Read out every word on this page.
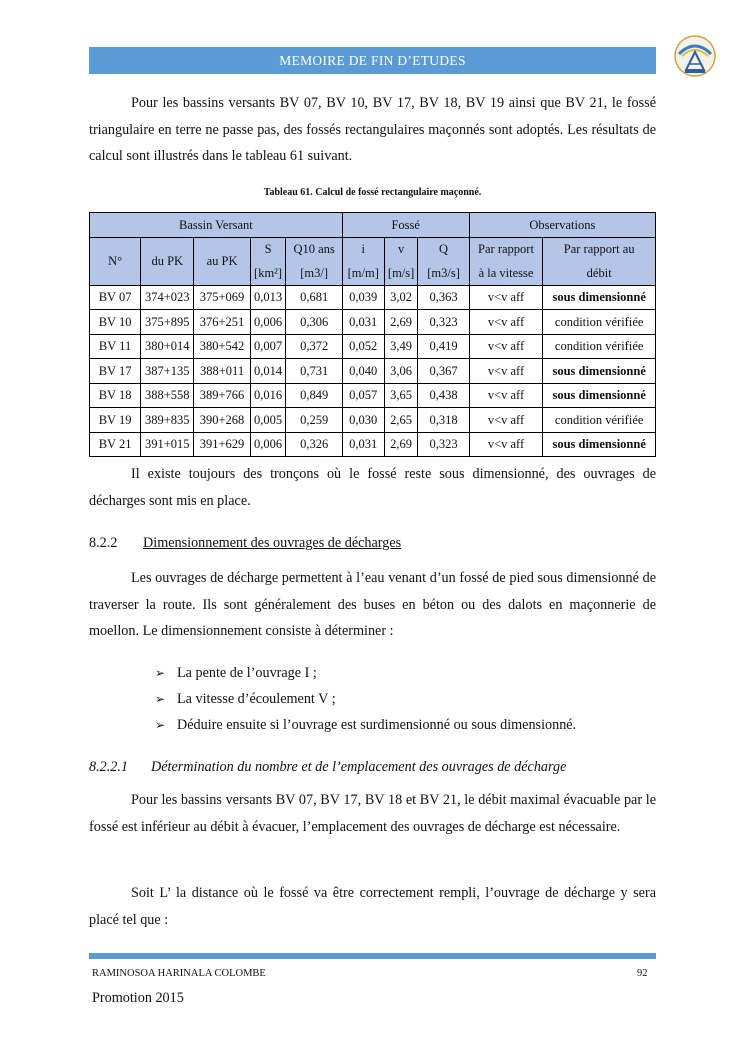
MEMOIRE DE FIN D’ETUDES

Pour les bassins versants BV 07, BV 10, BV 17, BV 18, BV 19 ainsi que BV 21, le fossé triangulaire en terre ne passe pas, des fossés rectangulaires maçonnés sont adoptés. Les résultats de calcul sont illustrés dans le tableau 61 suivant.

Tableau 61. Calcul de fossé rectangulaire maçonné.
Bassin Versant					Fossé			Observations	
N°	du PK	au PK	S	Q10 ans	i	v	Q	Par rapport	Par rapport au
			[km²]	[m3/]	[m/m]	[m/s]	[m3/s]	à la vitesse	débit
BV 07	374+023	375+069	0,013	0,681	0,039	3,02	0,363	v<v aff	sous dimensionné
BV 10	375+895	376+251	0,006	0,306	0,031	2,69	0,323	v<v aff	condition vérifiée
BV 11	380+014	380+542	0,007	0,372	0,052	3,49	0,419	v<v aff	condition vérifiée
BV 17	387+135	388+011	0,014	0,731	0,040	3,06	0,367	v<v aff	sous dimensionné
BV 18	388+558	389+766	0,016	0,849	0,057	3,65	0,438	v<v aff	sous dimensionné
BV 19	389+835	390+268	0,005	0,259	0,030	2,65	0,318	v<v aff	condition vérifiée
BV 21	391+015	391+629	0,006	0,326	0,031	2,69	0,323	v<v aff	sous dimensionné

Il existe toujours des tronçons où le fossé reste sous dimensionné, des ouvrages de décharges sont mis en place.

8.2.2 Dimensionnement des ouvrages de décharges

Les ouvrages de décharge permettent à l’eau venant d’un fossé de pied sous dimensionné de traverser la route. Ils sont généralement des buses en béton ou des dalots en maçonnerie de moellon. Le dimensionnement consiste à déterminer :

➢ La pente de l’ouvrage I ;
➢ La vitesse d’écoulement V ;
➢ Déduire ensuite si l’ouvrage est surdimensionné ou sous dimensionné.
8.2.2.1 Détermination du nombre et de l’emplacement des ouvrages de décharge

Pour les bassins versants BV 07, BV 17, BV 18 et BV 21, le débit maximal évacuable par le fossé est inférieur au débit à évacuer, l’emplacement des ouvrages de décharge est nécessaire.

Soit L’ la distance où le fossé va être correctement rempli, l’ouvrage de décharge y sera placé tel que :

RAMINOSOA HARINALA COLOMBE	92
Promotion 2015
